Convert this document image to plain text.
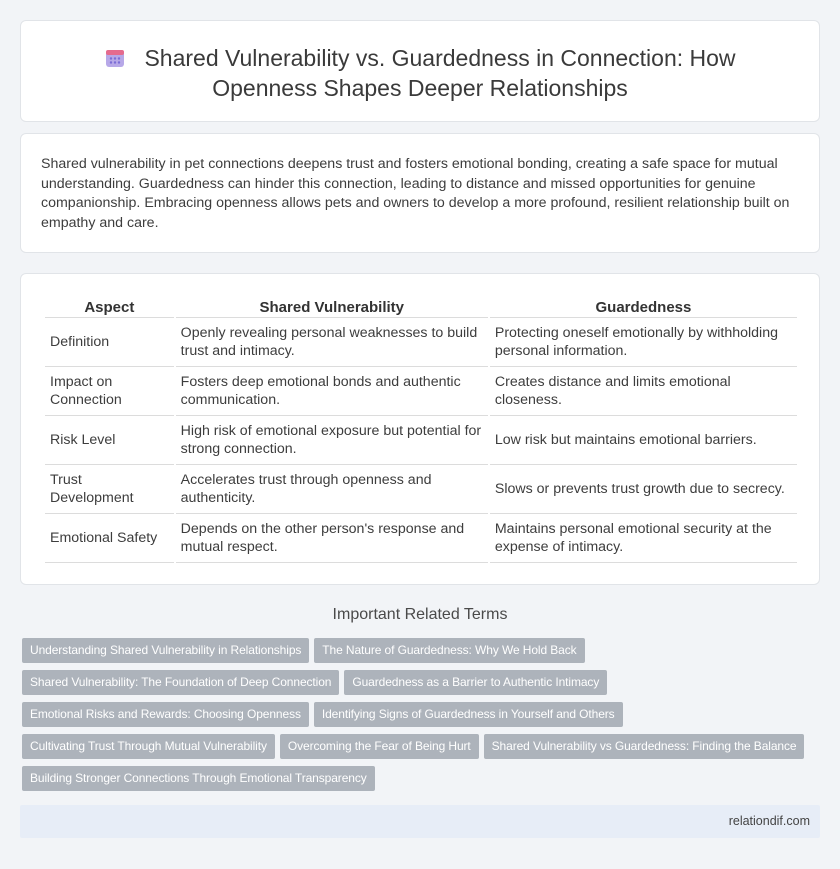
Shared Vulnerability vs. Guardedness in Connection: How Openness Shapes Deeper Relationships

Shared vulnerability in pet connections deepens trust and fosters emotional bonding, creating a safe space for mutual understanding. Guardedness can hinder this connection, leading to distance and missed opportunities for genuine companionship. Embracing openness allows pets and owners to develop a more profound, resilient relationship built on empathy and care.

Aspect	Shared Vulnerability	Guardedness
Definition	Openly revealing personal weaknesses to build trust and intimacy.	Protecting oneself emotionally by withholding personal information.
Impact on Connection	Fosters deep emotional bonds and authentic communication.	Creates distance and limits emotional closeness.
Risk Level	High risk of emotional exposure but potential for strong connection.	Low risk but maintains emotional barriers.
Trust Development	Accelerates trust through openness and authenticity.	Slows or prevents trust growth due to secrecy.
Emotional Safety	Depends on the other person's response and mutual respect.	Maintains personal emotional security at the expense of intimacy.
Important Related Terms
Understanding Shared Vulnerability in Relationships The Nature of Guardedness: Why We Hold Back
Shared Vulnerability: The Foundation of Deep Connection Guardedness as a Barrier to Authentic Intimacy
Emotional Risks and Rewards: Choosing Openness Identifying Signs of Guardedness in Yourself and Others
Cultivating Trust Through Mutual Vulnerability Overcoming the Fear of Being Hurt Shared Vulnerability vs Guardedness: Finding the Balance
Building Stronger Connections Through Emotional Transparency
relationdif.com
